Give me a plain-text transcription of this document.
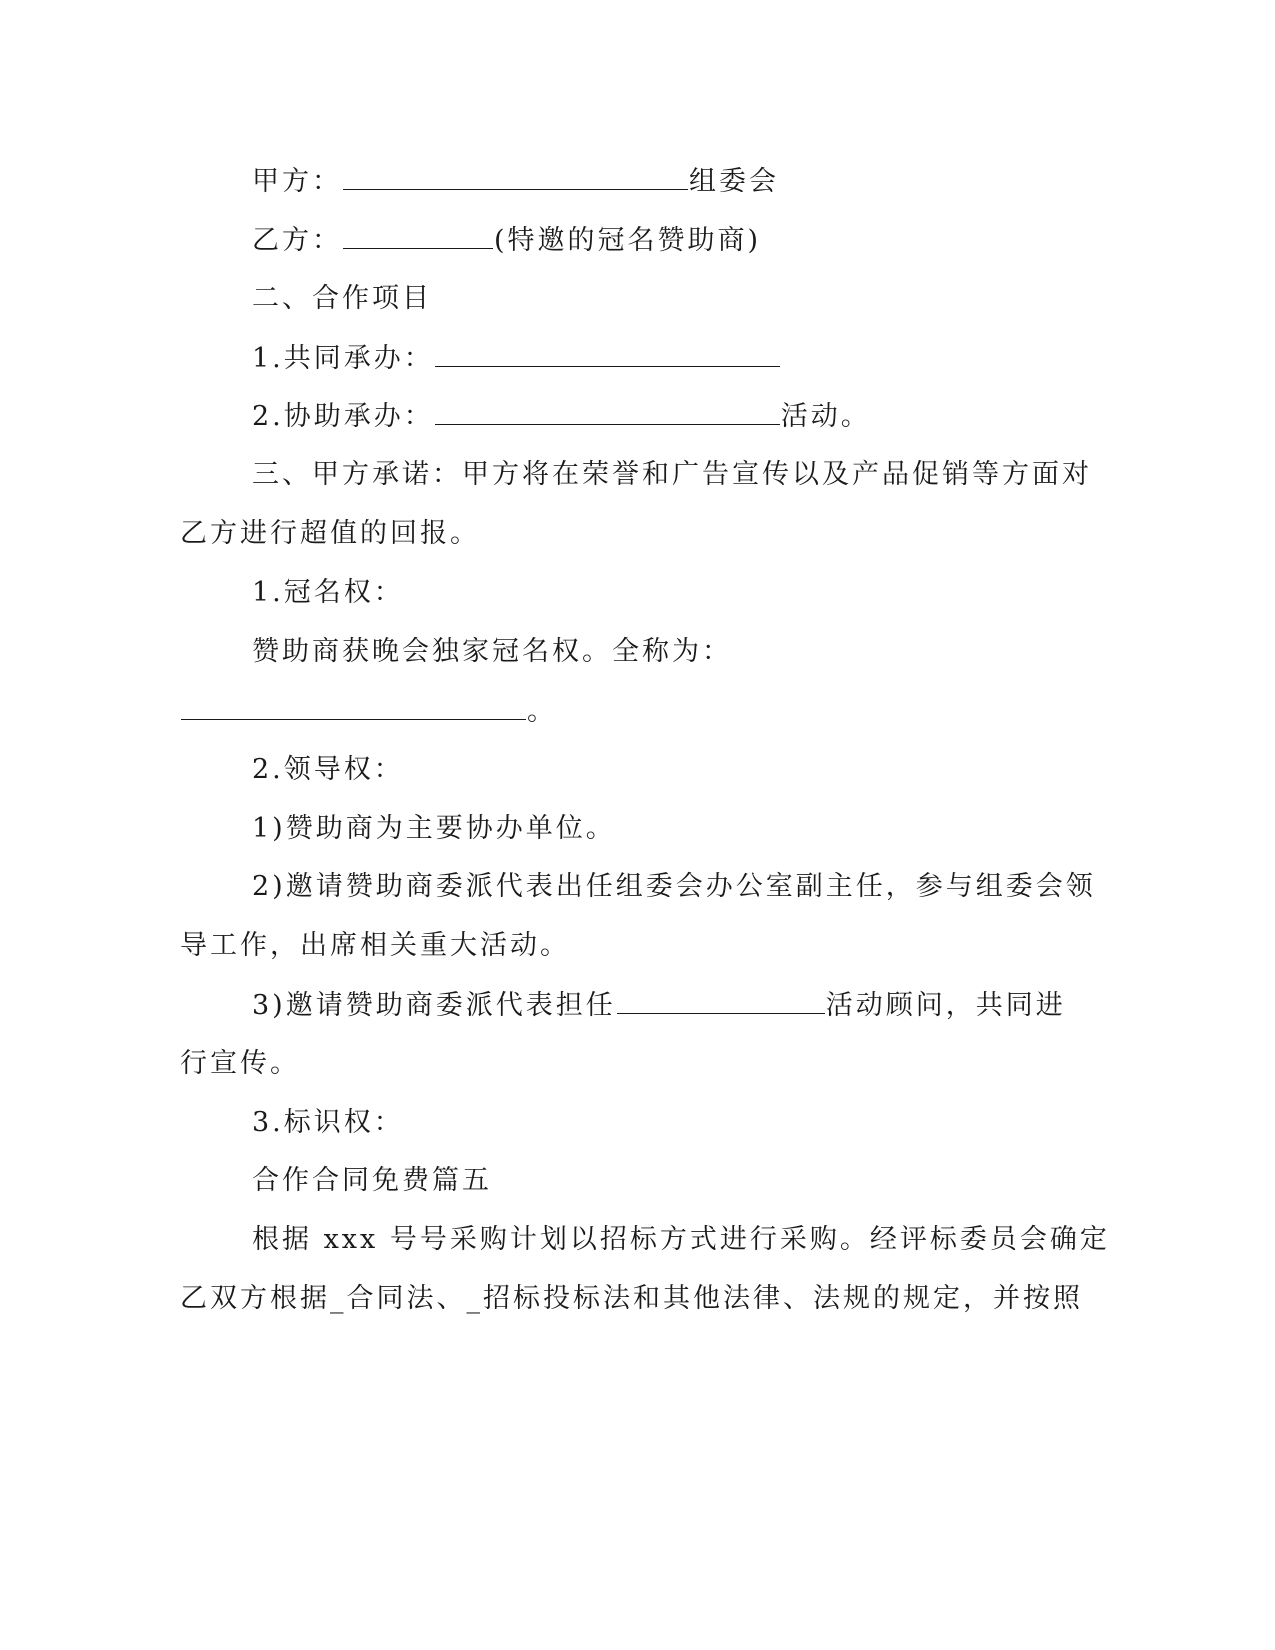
甲方：	组委会
乙方：	(特邀的冠名赞助商)
二、合作项目
1.共同承办：
2.协助承办：	活动。
三、甲方承诺：甲方将在荣誉和广告宣传以及产品促销等方面对
乙方进行超值的回报。
1.冠名权：
赞助商获晚会独家冠名权。全称为：
。
2.领导权：
1)赞助商为主要协办单位。
2)邀请赞助商委派代表出任组委会办公室副主任，参与组委会领
导工作，出席相关重大活动。
3)邀请赞助商委派代表担任	活动顾问，共同进
行宣传。
3.标识权：
合作合同免费篇五
根据 xxx 号号采购计划以招标方式进行采购。经评标委员会确定
乙双方根据_合同法、_招标投标法和其他法律、法规的规定，并按照
